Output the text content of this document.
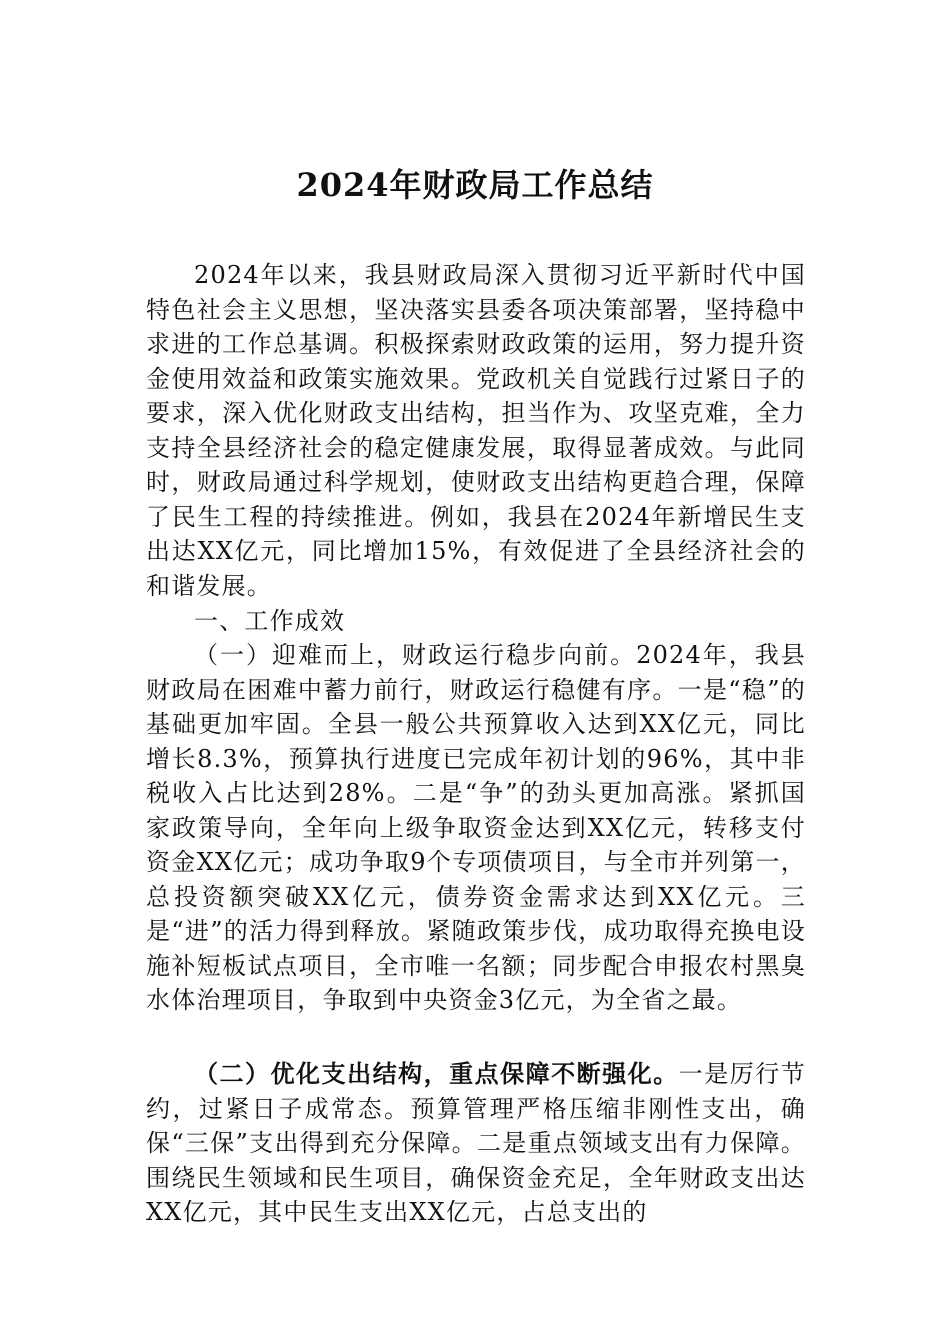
2024年财政局工作总结

2024年以来，我县财政局深入贯彻习近平新时代中国特色社会主义思想，坚决落实县委各项决策部署，坚持稳中求进的工作总基调。积极探索财政政策的运用，努力提升资金使用效益和政策实施效果。党政机关自觉践行过紧日子的要求，深入优化财政支出结构，担当作为、攻坚克难，全力支持全县经济社会的稳定健康发展，取得显著成效。与此同时，财政局通过科学规划，使财政支出结构更趋合理，保障了民生工程的持续推进。例如，我县在2024年新增民生支出达XX亿元，同比增加15%，有效促进了全县经济社会的和谐发展。

一、工作成效

（一）迎难而上，财政运行稳步向前。2024年，我县财政局在困难中蓄力前行，财政运行稳健有序。一是“稳”的基础更加牢固。全县一般公共预算收入达到XX亿元，同比增长8.3%，预算执行进度已完成年初计划的96%，其中非税收入占比达到28%。二是“争”的劲头更加高涨。紧抓国家政策导向，全年向上级争取资金达到XX亿元，转移支付资金XX亿元；成功争取9个专项债项目，与全市并列第一，总投资额突破XX亿元，债券资金需求达到XX亿元。三是“进”的活力得到释放。紧随政策步伐，成功取得充换电设施补短板试点项目，全市唯一名额；同步配合申报农村黑臭水体治理项目，争取到中央资金3亿元，为全省之最。

（二）优化支出结构，重点保障不断强化。一是厉行节约，过紧日子成常态。预算管理严格压缩非刚性支出，确保“三保”支出得到充分保障。二是重点领域支出有力保障。围绕民生领域和民生项目，确保资金充足，全年财政支出达XX亿元，其中民生支出XX亿元，占总支出的
